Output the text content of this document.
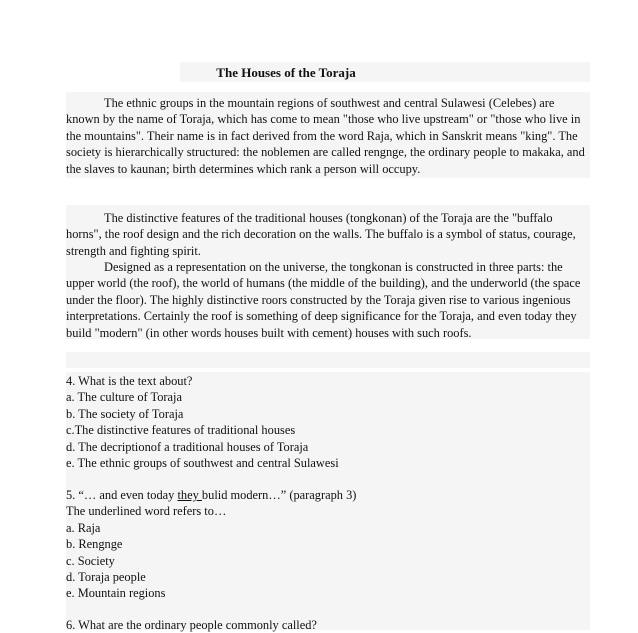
The Houses of the Toraja

The ethnic groups in the mountain regions of southwest and central Sulawesi (Celebes) are known by the name of Toraja, which has come to mean "those who live upstream" or "those who live in the mountains". Their name is in fact derived from the word Raja, which in Sanskrit means "king". The society is hierarchically structured: the noblemen are called rengnge, the ordinary people to makaka, and the slaves to kaunan; birth determines which rank a person will occupy.

The distinctive features of the traditional houses (tongkonan) of the Toraja are the "buffalo horns", the roof design and the rich decoration on the walls. The buffalo is a symbol of status, courage, strength and fighting spirit.

Designed as a representation on the universe, the tongkonan is constructed in three parts: the upper world (the roof), the world of humans (the middle of the building), and the underworld (the space under the floor). The highly distinctive roors constructed by the Toraja given rise to various ingenious interpretations. Certainly the roof is something of deep significance for the Toraja, and even today they build "modern" (in other words houses built with cement) houses with such roofs.

4. What is the text about?
a. The culture of Toraja
b. The society of Toraja
c.The distinctive features of traditional houses
d. The decriptionof a traditional houses of Toraja
e. The ethnic groups of southwest and central Sulawesi
5. “… and even today they bulid modern…” (paragraph 3)
The underlined word refers to…
a. Raja
b. Rengnge
c. Society
d. Toraja people
e. Mountain regions
6. What are the ordinary people commonly called?
